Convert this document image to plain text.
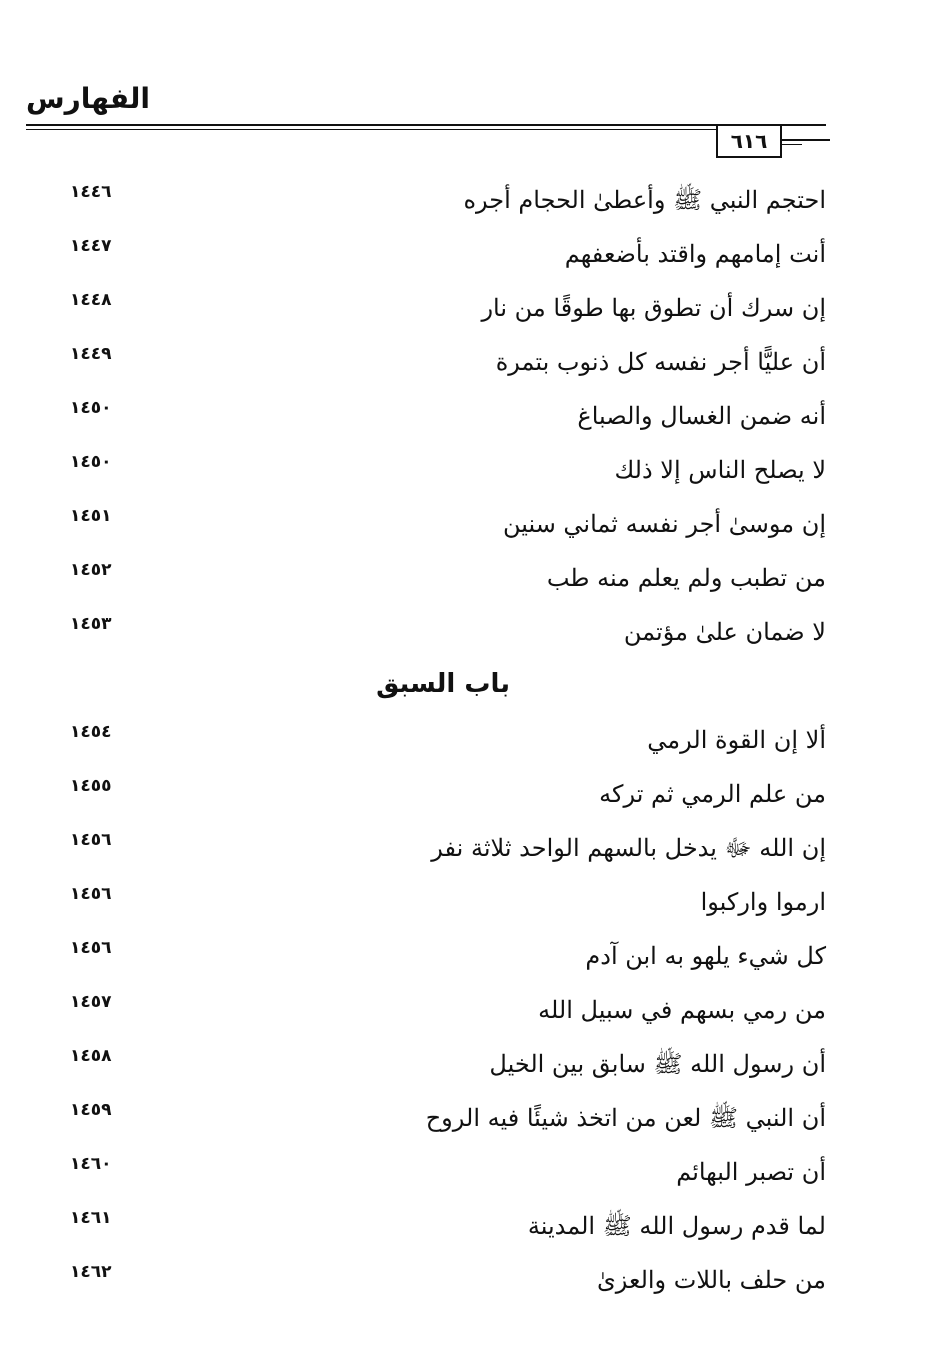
الفهارس
٦١٦
احتجم النبي ﷺ وأعطىٰ الحجام أجره
١٤٤٦
أنت إمامهم واقتد بأضعفهم
١٤٤٧
إن سرك أن تطوق بها طوقًا من نار
١٤٤٨
أن عليًّا أجر نفسه كل ذنوب بتمرة
١٤٤٩
أنه ضمن الغسال والصباغ
١٤٥٠
لا يصلح الناس إلا ذلك
١٤٥٠
إن موسىٰ أجر نفسه ثماني سنين
١٤٥١
من تطبب ولم يعلم منه طب
١٤٥٢
لا ضمان علىٰ مؤتمن
١٤٥٣
باب السبق
ألا إن القوة الرمي
١٤٥٤
من علم الرمي ثم تركه
١٤٥٥
إن الله ﷻ يدخل بالسهم الواحد ثلاثة نفر
١٤٥٦
ارموا واركبوا
١٤٥٦
كل شيء يلهو به ابن آدم
١٤٥٦
من رمي بسهم في سبيل الله
١٤٥٧
أن رسول الله ﷺ سابق بين الخيل
١٤٥٨
أن النبي ﷺ لعن من اتخذ شيئًا فيه الروح
١٤٥٩
أن تصبر البهائم
١٤٦٠
لما قدم رسول الله ﷺ المدينة
١٤٦١
من حلف باللات والعزىٰ
١٤٦٢
